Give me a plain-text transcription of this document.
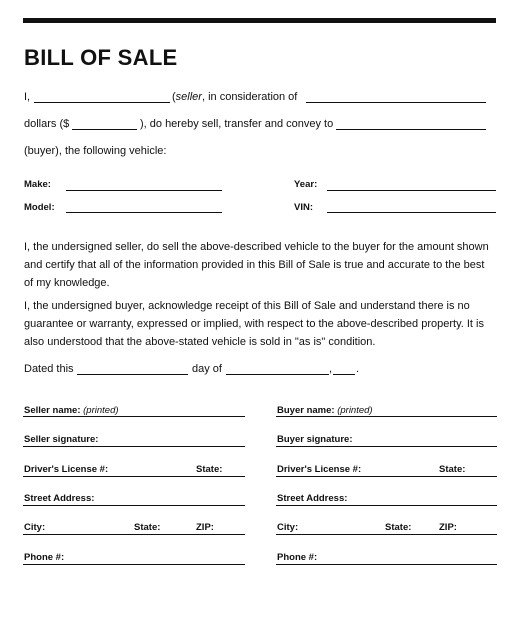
BILL OF SALE
I,	(seller, in consideration of
dollars ($	), do hereby sell, transfer and convey to
(buyer), the following vehicle:
Make:	Year:
Model:	VIN:
I, the undersigned seller, do sell the above-described vehicle to the buyer for the amount shown and certify that all of the information provided in this Bill of Sale is true and accurate to the best of my knowledge.
I, the undersigned buyer, acknowledge receipt of this Bill of Sale and understand there is no guarantee or warranty, expressed or implied, with respect to the above-described property. It is also understood that the above-stated vehicle is sold in "as is" condition.
Dated this	day of	, .
Seller name: (printed)
Seller signature:
Driver's License #:	State:
Street Address:
City:	State:	ZIP:
Phone #:
Buyer name: (printed)
Buyer signature:
Driver's License #:	State:
Street Address:
City:	State:	ZIP:
Phone #:
